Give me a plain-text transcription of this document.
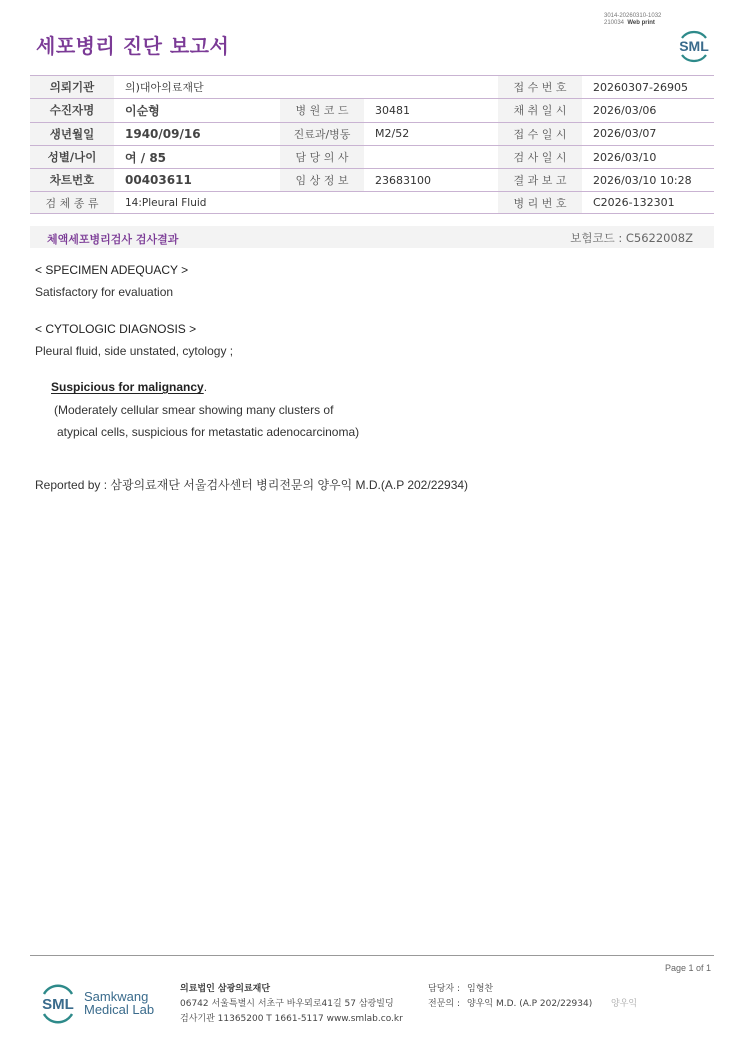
3014-20260310-1032
210034 Web print
세포병리 진단 보고서	SML
의뢰기관	의)대아의료재단			접 수 번 호	20260307-26905
수진자명	이순형	병 원 코 드	30481	채 취 일 시	2026/03/06
생년월일	1940/09/16	진료과/병동	M2/52	접 수 일 시	2026/03/07
성별/나이	여 / 85	담 당 의 사		검 사 일 시	2026/03/10
차트번호	00403611	임 상 정 보	23683100	결 과 보 고	2026/03/10 10:28
검 체 종 류	14:Pleural Fluid			병 리 번 호	C2026-132301
체액세포병리검사 검사결과	보험코드 : C5622008Z
< SPECIMEN ADEQUACY >
Satisfactory for evaluation
< CYTOLOGIC DIAGNOSIS >
Pleural fluid, side unstated, cytology ;
Suspicious for malignancy.
(Moderately cellular smear showing many clusters of
atypical cells, suspicious for metastatic adenocarcinoma)
Reported by : 삼광의료재단 서울검사센터 병리전문의 양우익 M.D.(A.P 202/22934)
Page 1 of 1
SML Samkwang
Medical Lab
의료법인 삼광의료재단
06742 서울특별시 서초구 바우뫼로41길 57 삼광빌딩
검사기관 11365200 T 1661-5117 www.smlab.co.kr
담당자 : 임형찬
전문의 : 양우익 M.D. (A.P 202/22934) 양우익
